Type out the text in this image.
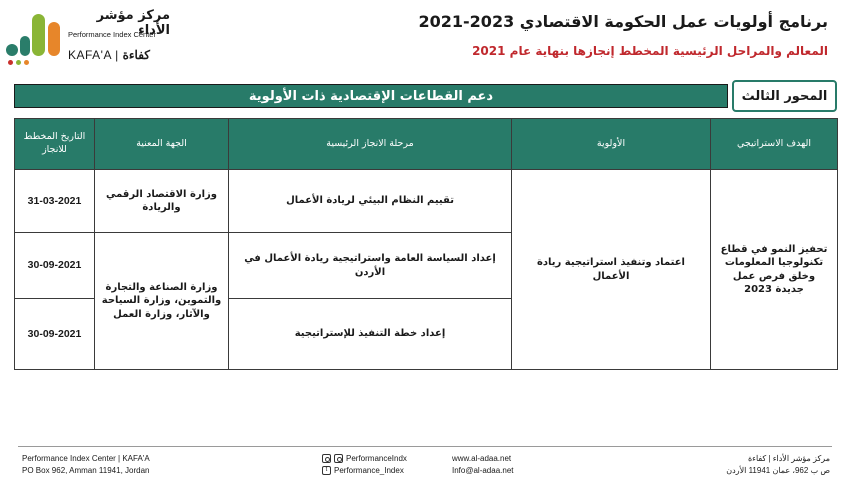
مركز مؤشر الأداء
Performance Index Center
KAFA'A | كفاءة
برنامج أولويات عمل الحكومة الاقتصادي 2023-2021
المعالم والمراحل الرئيسية المخطط إنجازها بنهاية عام 2021
دعم القطاعات الإقتصادية ذات الأولوية	المحور الثالث
الهدف الاستراتيجي
الأولوية
مرحلة الانجاز الرئيسية
الجهة المعنية
التاريخ المخطط للانجاز
تحفيز النمو في قطاع تكنولوجيا المعلومات وخلق فرص عمل جديدة 2023
اعتماد وتنفيذ استراتيجية ريادة الأعمال
تقييم النظام البيئي لريادة الأعمال
إعداد السياسة العامة واستراتيجية ريادة الأعمال في الأردن
إعداد خطة التنفيذ للإستراتيجية
وزارة الاقتصاد الرقمي والريادة
وزارة الصناعة والتجارة والتموين، وزارة السياحة والآثار، وزارة العمل
31-03-2021
30-09-2021
30-09-2021
Performance Index Center | KAFA'A
PO Box 962, Amman 11941, Jordan
PerformanceIndx
t Performance_Index
www.al-adaa.net
Info@al-adaa.net
مركز مؤشر الأداء | كفاءة
ص ب 962، عمان 11941 الأردن
